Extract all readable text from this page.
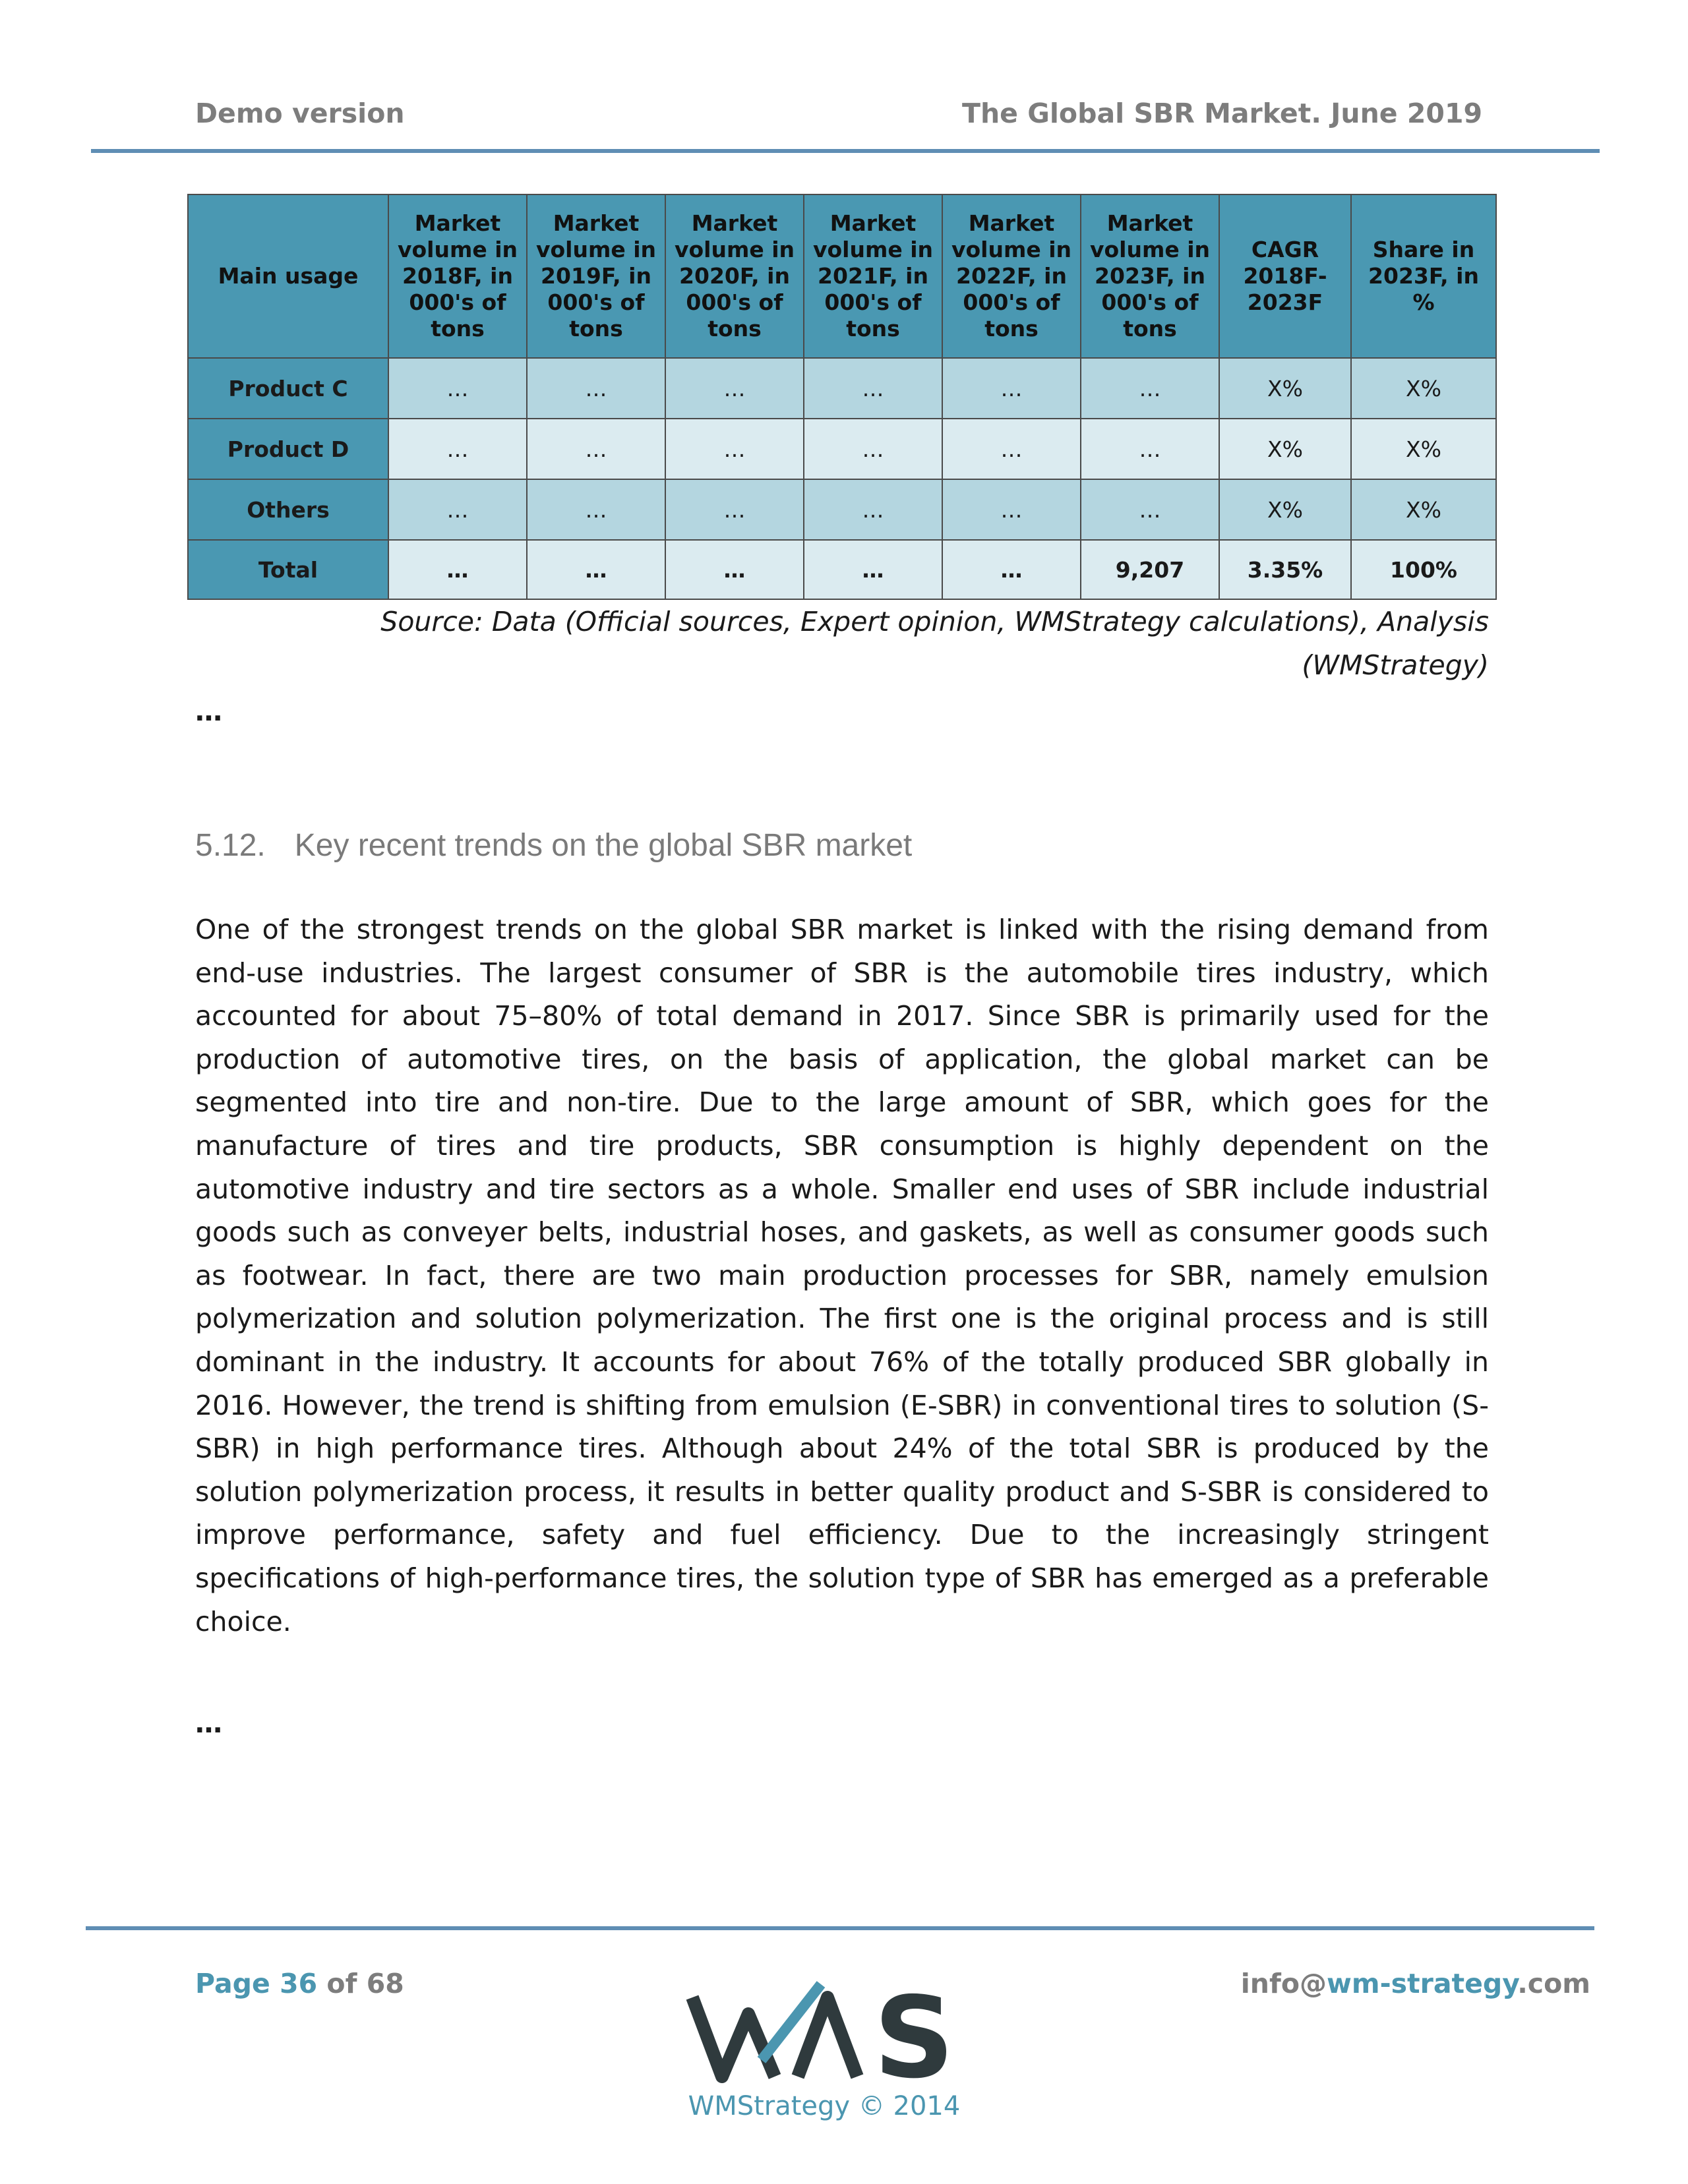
Demo version	The Global SBR Market. June 2019
Main usage	Market volume in 2018F, in 000's of tons	Market volume in 2019F, in 000's of tons	Market volume in 2020F, in 000's of tons	Market volume in 2021F, in 000's of tons	Market volume in 2022F, in 000's of tons	Market volume in 2023F, in 000's of tons	CAGR 2018F-2023F	Share in 2023F, in %
Product C	…	…	…	…	…	…	X%	X%
Product D	…	…	…	…	…	…	X%	X%
Others	…	…	…	…	…	…	X%	X%
Total	…	…	…	…	…	9,207	3.35%	100%
Source: Data (Official sources, Expert opinion, WMStrategy calculations), Analysis (WMStrategy)
…
5.12. Key recent trends on the global SBR market
One of the strongest trends on the global SBR market is linked with the rising demand from end-use industries. The largest consumer of SBR is the automobile tires industry, which accounted for about 75–80% of total demand in 2017. Since SBR is primarily used for the production of automotive tires, on the basis of application, the global market can be segmented into tire and non-tire. Due to the large amount of SBR, which goes for the manufacture of tires and tire products, SBR consumption is highly dependent on the automotive industry and tire sectors as a whole. Smaller end uses of SBR include industrial goods such as conveyer belts, industrial hoses, and gaskets, as well as consumer goods such as footwear. In fact, there are two main production processes for SBR, namely emulsion polymerization and solution polymerization. The first one is the original process and is still dominant in the industry. It accounts for about 76% of the totally produced SBR globally in 2016. However, the trend is shifting from emulsion (E-SBR) in conventional tires to solution (S-SBR) in high performance tires. Although about 24% of the total SBR is produced by the solution polymerization process, it results in better quality product and S-SBR is considered to improve performance, safety and fuel efficiency. Due to the increasingly stringent specifications of high-performance tires, the solution type of SBR has emerged as a preferable choice.
…
Page 36 of 68	S
WMStrategy © 2014
info@wm-strategy.com
